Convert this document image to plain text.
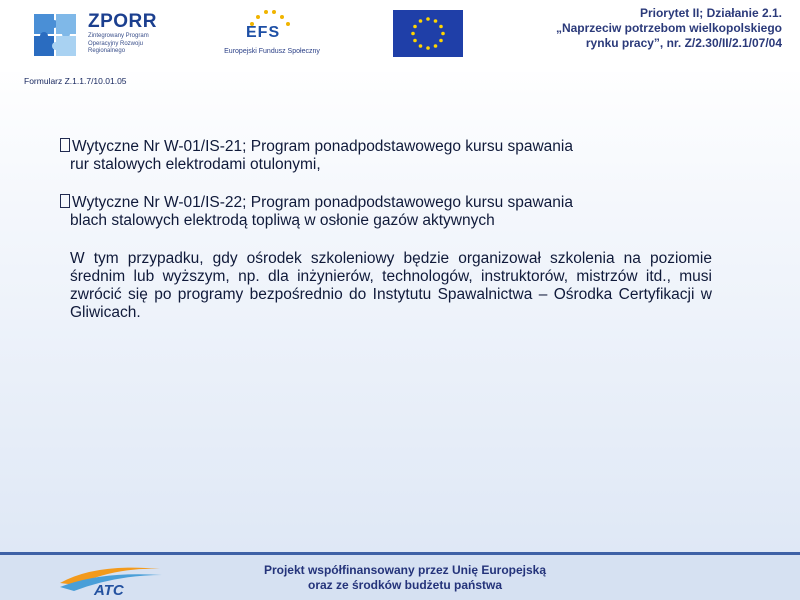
ZPORR
Zintegrowany Program Operacyjny Rozwoju Regionalnego
EFS
Europejski Fundusz Społeczny
Priorytet II; Działanie 2.1.
„Naprzeciw potrzebom wielkopolskiego
rynku pracy”, nr. Z/2.30/II/2.1/07/04
Formularz Z.1.1.7/10.01.05
Wytyczne Nr W-01/IS-21; Program ponadpodstawowego kursu spawania
rur stalowych elektrodami otulonymi,
Wytyczne Nr W-01/IS-22; Program ponadpodstawowego kursu spawania
blach stalowych elektrodą topliwą w osłonie gazów aktywnych
W tym przypadku, gdy ośrodek szkoleniowy będzie organizował szkolenia na poziomie średnim lub wyższym, np. dla inżynierów, technologów, instruktorów, mistrzów itd., musi zwrócić się po programy bezpośrednio do Instytutu Spawalnictwa – Ośrodka Certyfikacji w Gliwicach.
ATC
Projekt współfinansowany przez Unię Europejską
oraz ze środków budżetu państwa
